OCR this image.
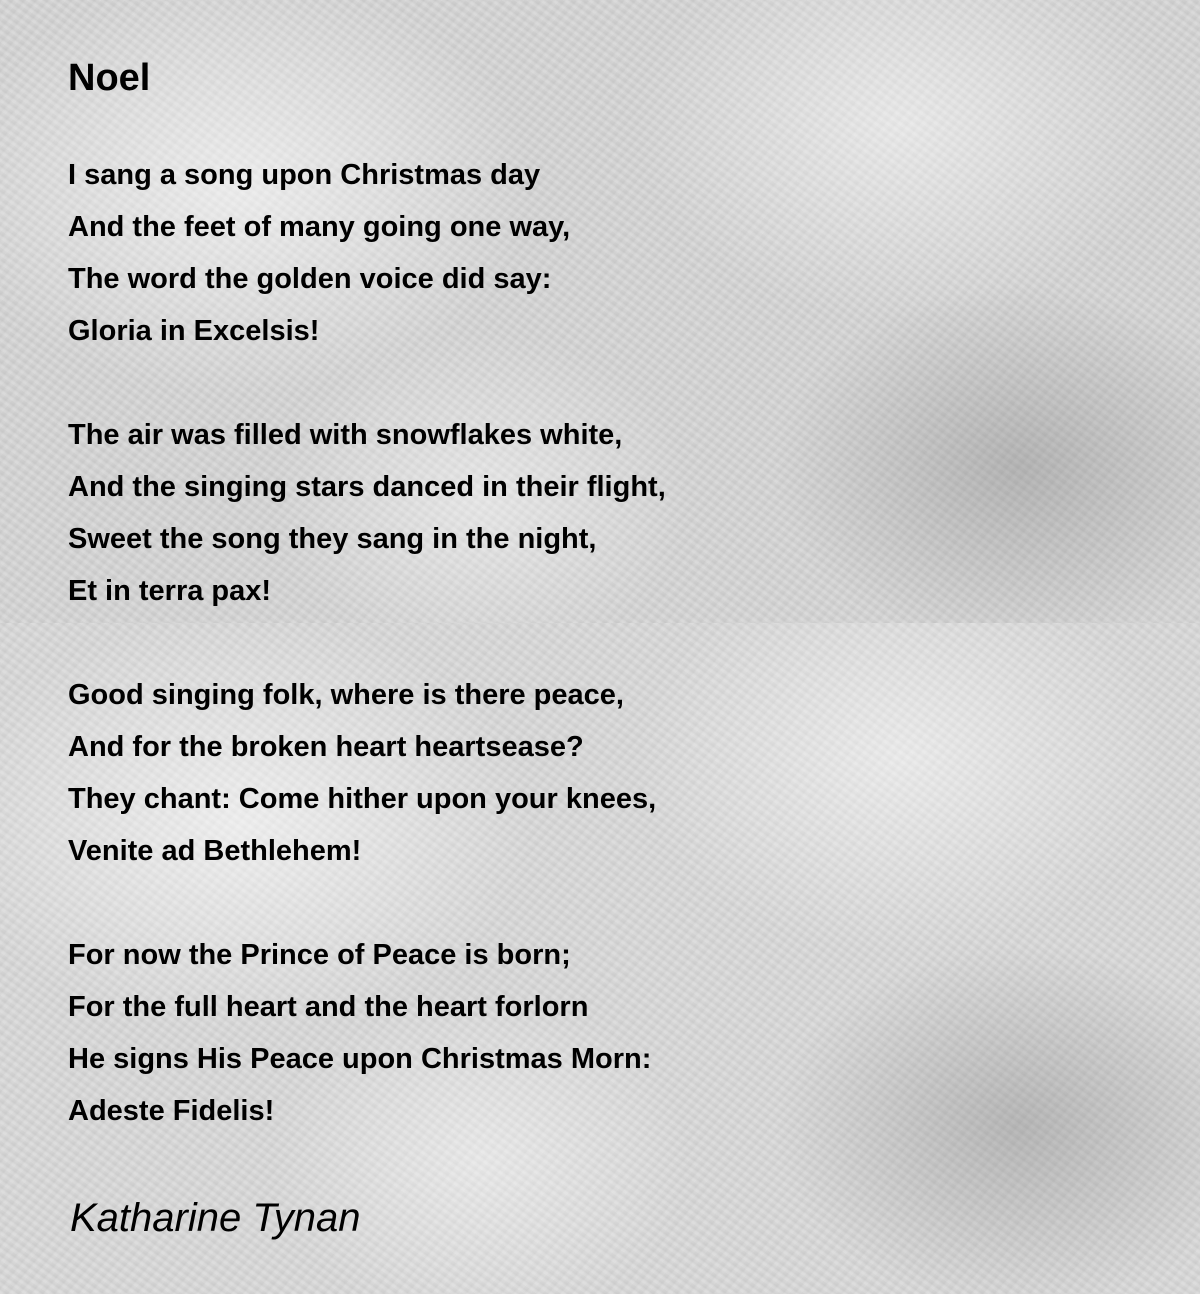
Noel

I sang a song upon Christmas day
And the feet of many going one way,
The word the golden voice did say:
Gloria in Excelsis!

The air was filled with snowflakes white,
And the singing stars danced in their flight,
Sweet the song they sang in the night,
Et in terra pax!

Good singing folk, where is there peace,
And for the broken heart heartsease?
They chant: Come hither upon your knees,
Venite ad Bethlehem!

For now the Prince of Peace is born;
For the full heart and the heart forlorn
He signs His Peace upon Christmas Morn:
Adeste Fidelis!

Katharine Tynan
